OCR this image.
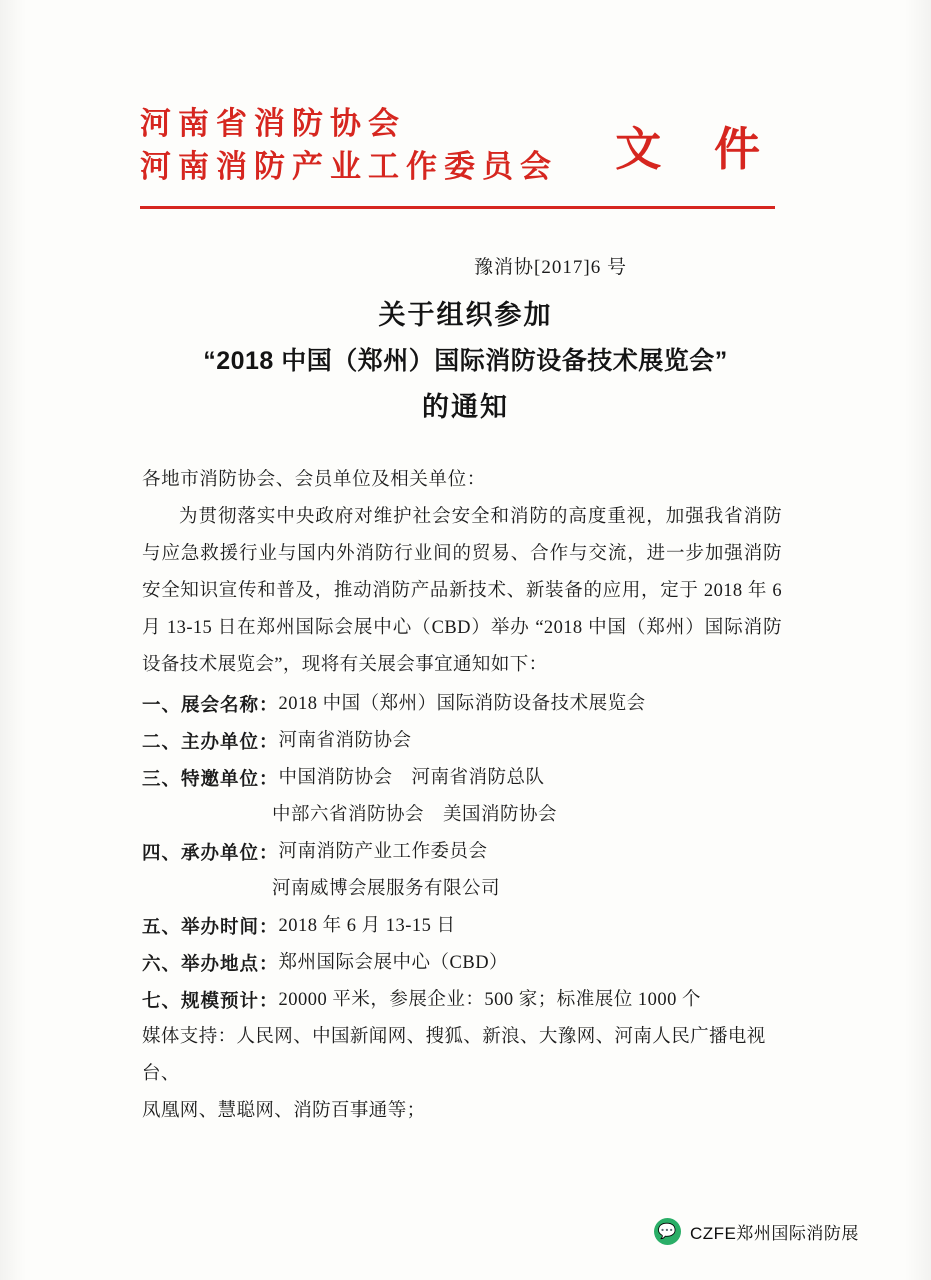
河南省消防协会
河南消防产业工作委员会	文 件
豫消协[2017]6 号
关于组织参加
“2018 中国（郑州）国际消防设备技术展览会”
的通知
各地市消防协会、会员单位及相关单位：
为贯彻落实中央政府对维护社会安全和消防的高度重视，加强我省消防与应急救援行业与国内外消防行业间的贸易、合作与交流，进一步加强消防安全知识宣传和普及，推动消防产品新技术、新装备的应用，定于 2018 年 6 月 13-15 日在郑州国际会展中心（CBD）举办 “2018 中国（郑州）国际消防设备技术展览会”，现将有关展会事宜通知如下：
一、展会名称： 2018 中国（郑州）国际消防设备技术展览会
二、主办单位： 河南省消防协会
三、特邀单位： 中国消防协会　河南省消防总队
中部六省消防协会　美国消防协会
四、承办单位： 河南消防产业工作委员会
河南威博会展服务有限公司
五、举办时间： 2018 年 6 月 13-15 日
六、举办地点： 郑州国际会展中心（CBD）
七、规模预计： 20000 平米，参展企业：500 家；标准展位 1000 个
媒体支持：人民网、中国新闻网、搜狐、新浪、大豫网、河南人民广播电视台、
凤凰网、慧聪网、消防百事通等；
💬 CZFE郑州国际消防展
